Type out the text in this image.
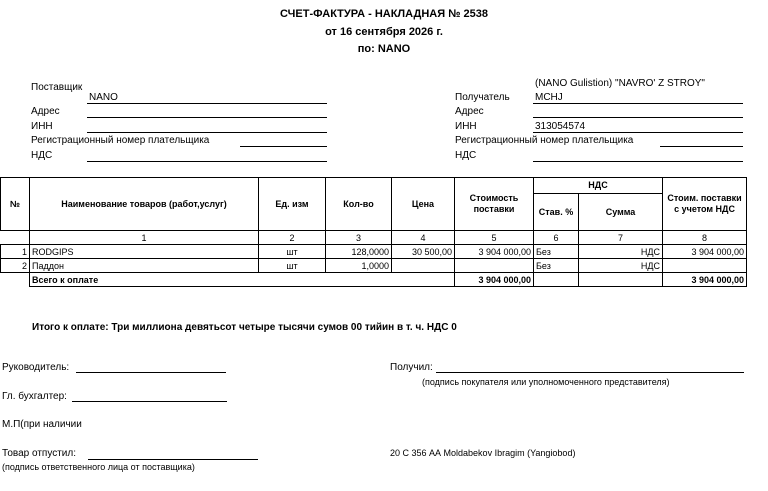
СЧЕТ-ФАКТУРА - НАКЛАДНАЯ № 2538
от 16 сентября 2026 г.
по: NANO
Поставщик
NANO
Адрес
ИНН
Регистрационный номер плательщика
НДС
(NANO Gulistion) "NAVRO' Z STROY"
Получатель	MCHJ
Адрес
ИНН	313054574
Регистрационный номер плательщика
НДС
№	Наименование товаров (работ,услуг)	Ед. изм	Кол-во	Цена	Стоимость поставки	НДС		Стоим. поставки с учетом НДС
						Став. %	Сумма	
	1	2	3	4	5	6	7	8
1	RODGIPS	шт	128,0000	30 500,00	3 904 000,00	Без	НДС	3 904 000,00
2	Паддон	шт	1,0000			Без	НДС	
	Всего к оплате				3 904 000,00			3 904 000,00
Итого к оплате: Три миллиона девятьсот четыре тысячи сумов 00 тийин в т. ч. НДС 0
Руководитель:	Получил:
(подпись покупателя или уполномоченного представителя)
Гл. бухгалтер:
М.П(при наличии
Товар отпустил:
(подпись ответственного лица от поставщика)
20 С 356 АА Moldabekov Ibragim (Yangiobod)
